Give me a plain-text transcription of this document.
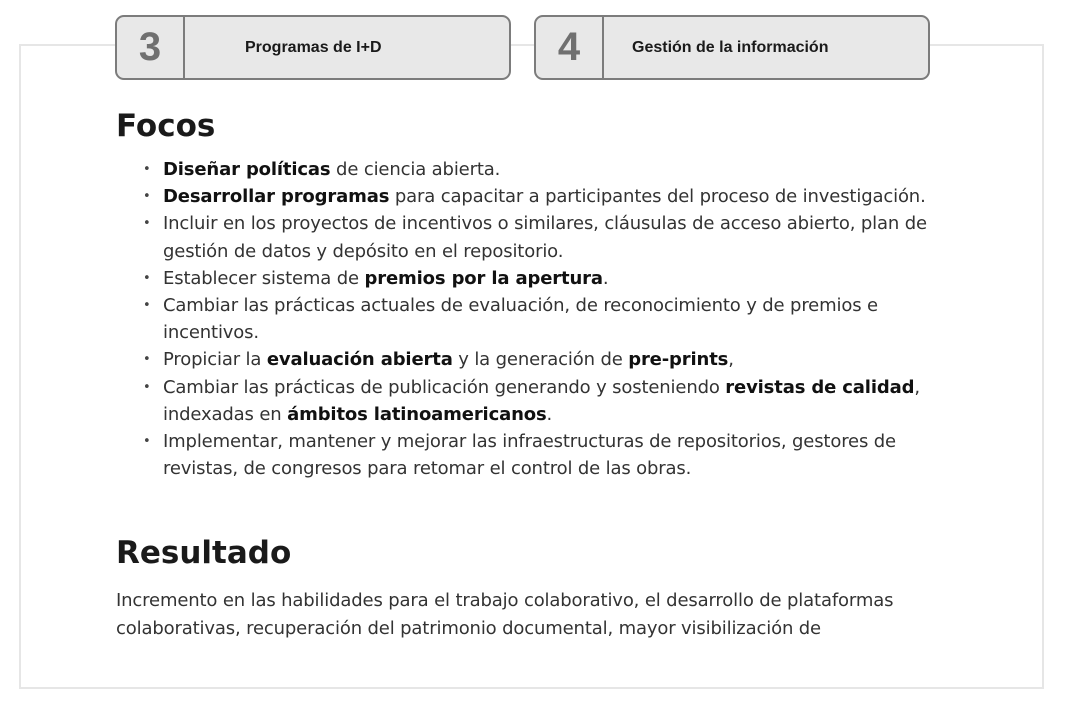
3	Programas de I+D	4	Gestión de la información
Focos
• Diseñar políticas de ciencia abierta.
• Desarrollar programas para capacitar a participantes del proceso de investigación.
• Incluir en los proyectos de incentivos o similares, cláusulas de acceso abierto, plan de gestión de datos y depósito en el repositorio.
• Establecer sistema de premios por la apertura.
• Cambiar las prácticas actuales de evaluación, de reconocimiento y de premios e incentivos.
• Propiciar la evaluación abierta y la generación de pre-prints,
• Cambiar las prácticas de publicación generando y sosteniendo revistas de calidad, indexadas en ámbitos latinoamericanos.
• Implementar, mantener y mejorar las infraestructuras de repositorios, gestores de revistas, de congresos para retomar el control de las obras.
Resultado

Incremento en las habilidades para el trabajo colaborativo, el desarrollo de plataformas colaborativas, recuperación del patrimonio documental, mayor visibilización de
